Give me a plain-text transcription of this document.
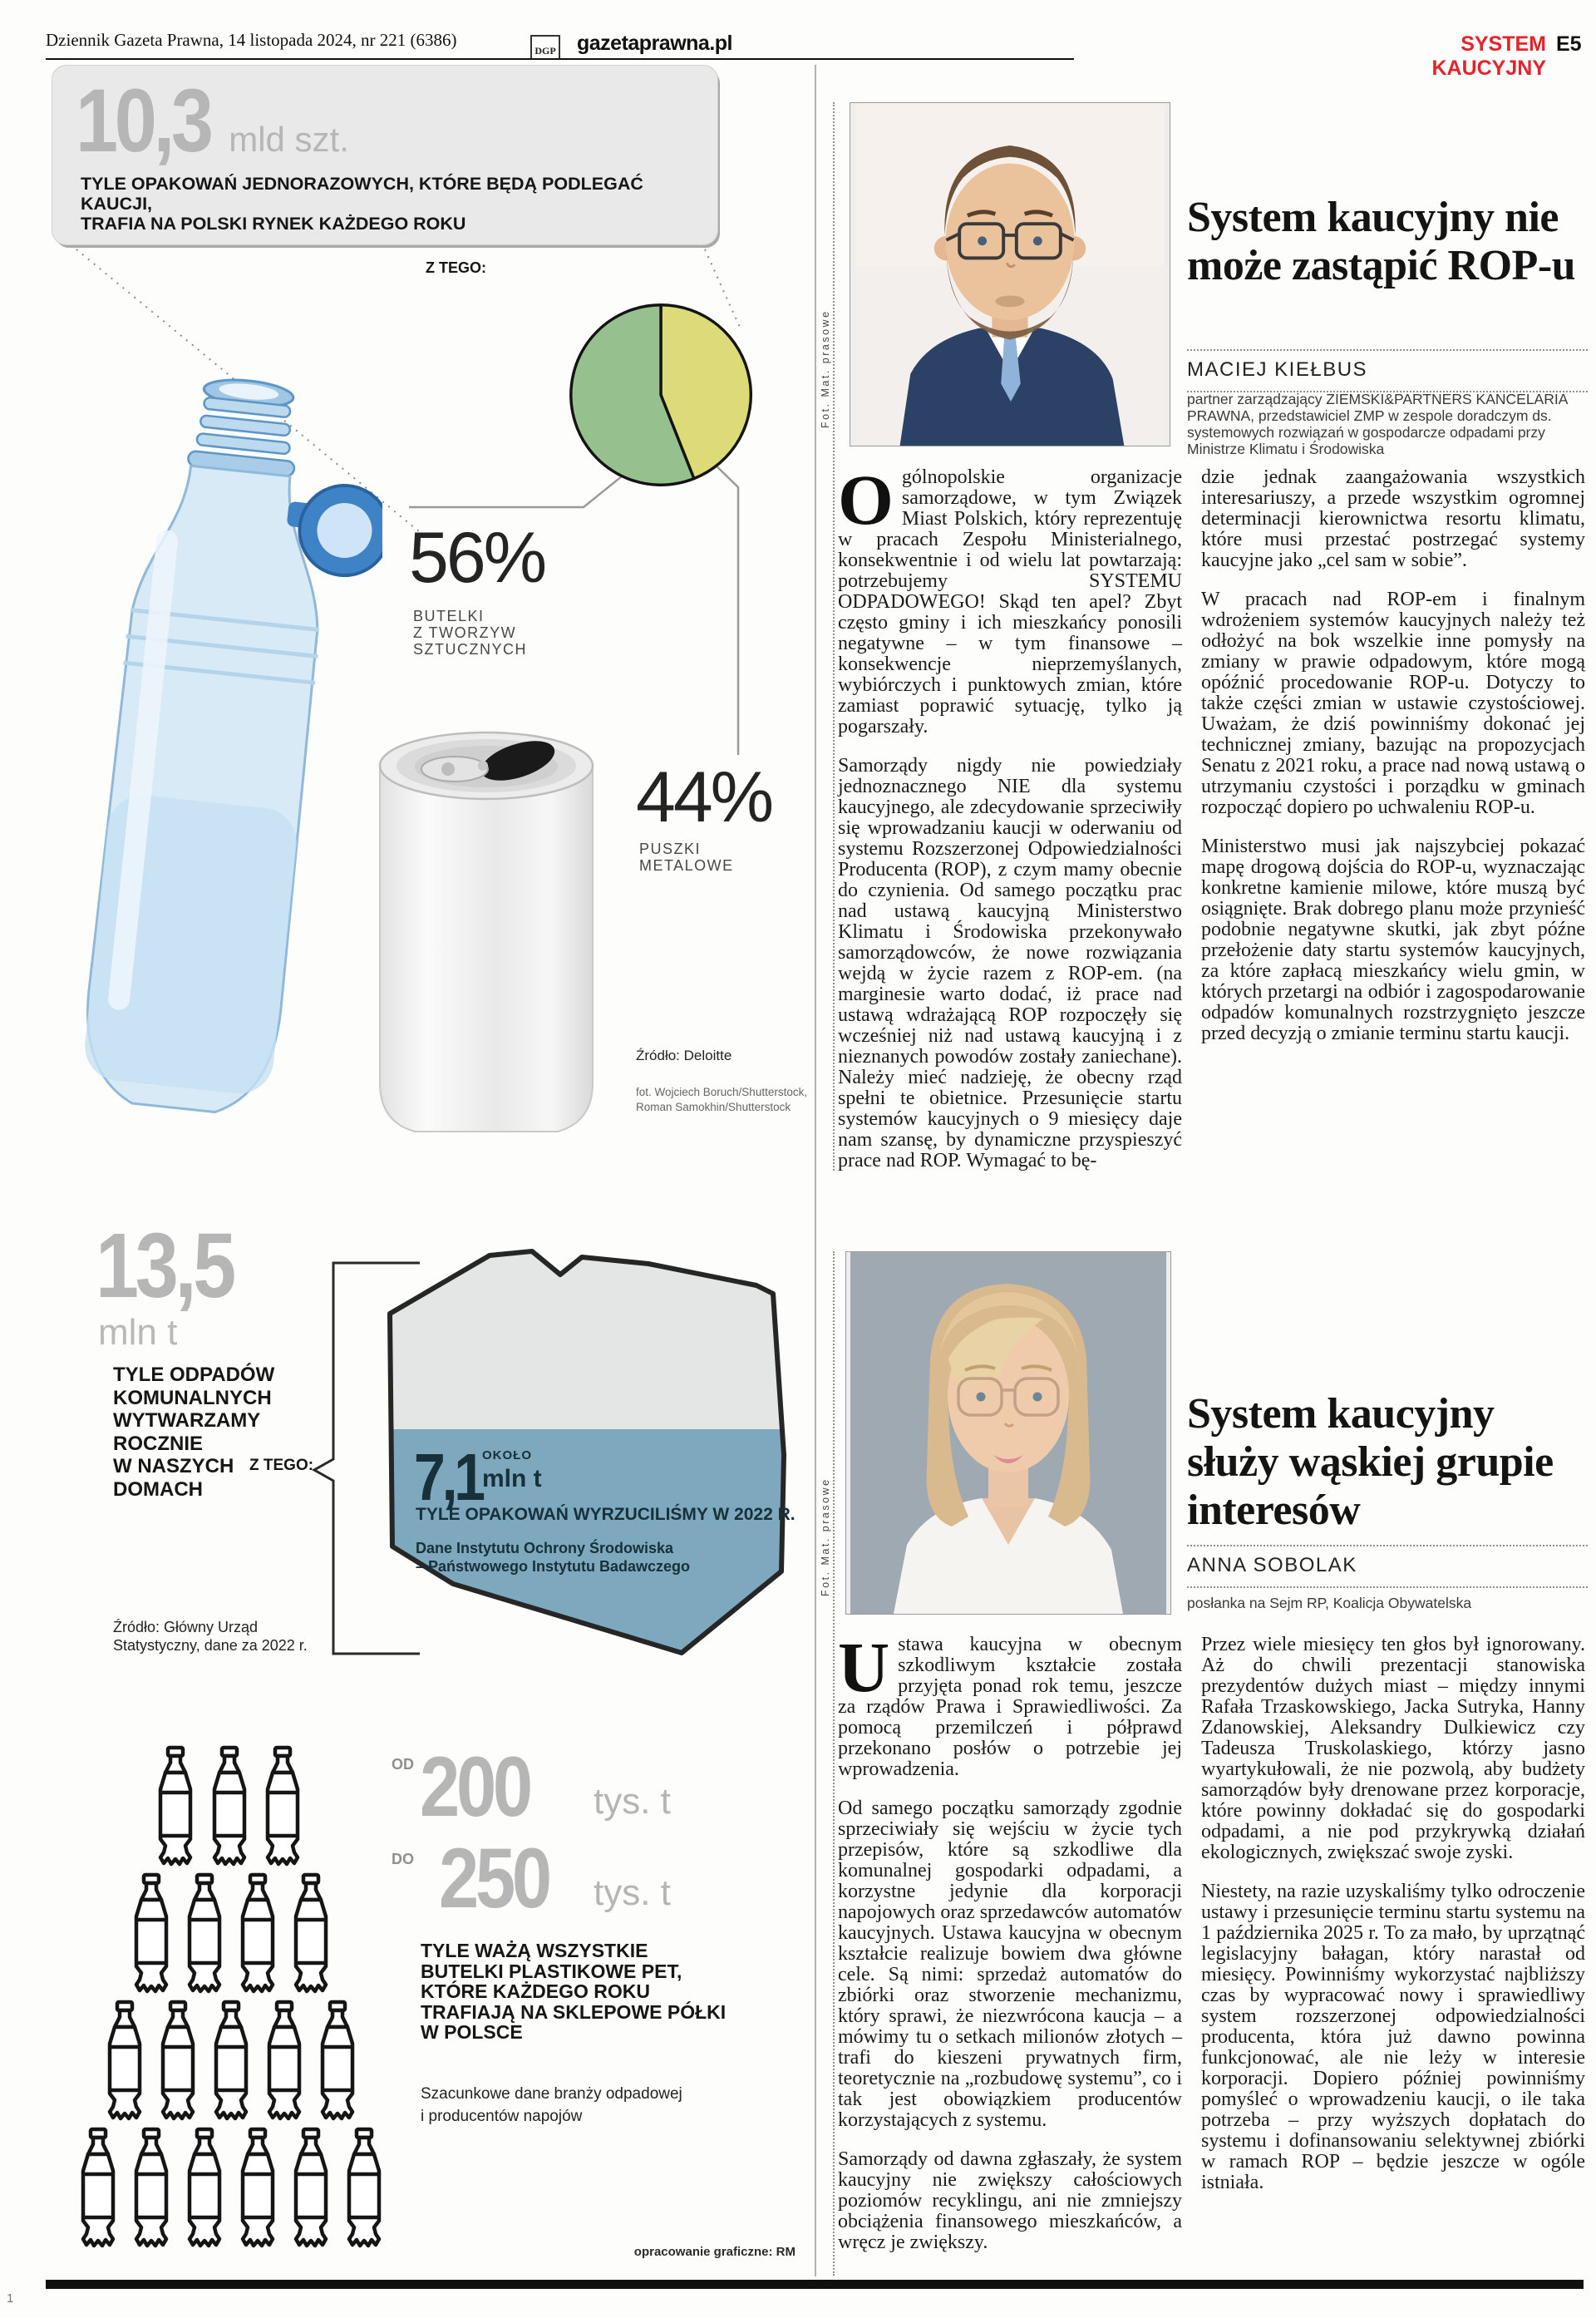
Dziennik Gazeta Prawna, 14 listopada 2024, nr 221 (6386)
DGP gazetaprawna.pl	SYSTEM KAUCYJNY
E5
10,3 mld szt.
TYLE OPAKOWAŃ JEDNORAZOWYCH, KTÓRE BĘDĄ PODLEGAĆ KAUCJI,
TRAFIA NA POLSKI RYNEK KAŻDEGO ROKU
Z TEGO:
56%
BUTELKI
Z TWORZYW
SZTUCZNYCH
44%
PUSZKI
METALOWE
Źródło: Deloitte
fot. Wojciech Boruch/Shutterstock,
Roman Samokhin/Shutterstock
Fot. Mat. prasowe
System kaucyjny nie może zastąpić ROP-u
MACIEJ KIEŁBUS
partner zarządzający ZIEMSKI&PARTNERS KANCELARIA PRAWNA, przedstawiciel ZMP w zespole doradczym ds. systemowych rozwiązań w gospodarcze odpadami przy Ministrze Klimatu i Środowiska

Ogólnopolskie organizacje samorządowe, w tym Związek Miast Polskich, który reprezentuję w pracach Zespołu Ministerialnego, konsekwentnie i od wielu lat powtarzają: potrzebujemy SYSTEMU ODPADOWEGO! Skąd ten apel? Zbyt często gminy i ich mieszkańcy ponosili negatywne – w tym finansowe – konsekwencje nieprzemyślanych, wybiórczych i punktowych zmian, które zamiast poprawić sytuację, tylko ją pogarszały.

Samorządy nigdy nie powiedziały jednoznacznego NIE dla systemu kaucyjnego, ale zdecydowanie sprzeciwiły się wprowadzaniu kaucji w oderwaniu od systemu Rozszerzonej Odpowiedzialności Producenta (ROP), z czym mamy obecnie do czynienia. Od samego początku prac nad ustawą kaucyjną Ministerstwo Klimatu i Środowiska przekonywało samorządowców, że nowe rozwiązania wejdą w życie razem z ROP-em. (na marginesie warto dodać, iż prace nad ustawą wdrażającą ROP rozpoczęły się wcześniej niż nad ustawą kaucyjną i z nieznanych powodów zostały zaniechane). Należy mieć nadzieję, że obecny rząd spełni te obietnice. Przesunięcie startu systemów kaucyjnych o 9 miesięcy daje nam szansę, by dynamiczne przyspieszyć prace nad ROP. Wymagać to bę-

dzie jednak zaangażowania wszystkich interesariuszy, a przede wszystkim ogromnej determinacji kierownictwa resortu klimatu, które musi przestać postrzegać systemy kaucyjne jako „cel sam w sobie”.

W pracach nad ROP-em i finalnym wdrożeniem systemów kaucyjnych należy też odłożyć na bok wszelkie inne pomysły na zmiany w prawie odpadowym, które mogą opóźnić procedowanie ROP-u. Dotyczy to także części zmian w ustawie czystościowej. Uważam, że dziś powinniśmy dokonać jej technicznej zmiany, bazując na propozycjach Senatu z 2021 roku, a prace nad nową ustawą o utrzymaniu czystości i porządku w gminach rozpocząć dopiero po uchwaleniu ROP-u.

Ministerstwo musi jak najszybciej pokazać mapę drogową dojścia do ROP-u, wyznaczając konkretne kamienie milowe, które muszą być osiągnięte. Brak dobrego planu może przynieść podobnie negatywne skutki, jak zbyt późne przełożenie daty startu systemów kaucyjnych, za które zapłacą mieszkańcy wielu gmin, w których przetargi na odbiór i zagospodarowanie odpadów komunalnych rozstrzygnięto jeszcze przed decyzją o zmianie terminu startu kaucji.

13,5
mln t
TYLE ODPADÓW
KOMUNALNYCH
WYTWARZAMY
ROCZNIE
W NASZYCH
DOMACH
Z TEGO: 7,1 OKOŁO
mln t
TYLE OPAKOWAŃ WYRZUCILIŚMY W 2022 R.
Dane Instytutu Ochrony Środowiska
– Państwowego Instytutu Badawczego
Źródło: Główny Urząd
Statystyczny, dane za 2022 r.
Fot. Mat. prasowe
System kaucyjny służy wąskiej grupie interesów
ANNA SOBOLAK
posłanka na Sejm RP, Koalicja Obywatelska

Ustawa kaucyjna w obecnym szkodliwym kształcie została przyjęta ponad rok temu, jeszcze za rządów Prawa i Sprawiedliwości. Za pomocą przemilczeń i półprawd przekonano posłów o potrzebie jej wprowadzenia.

Od samego początku samorządy zgodnie sprzeciwiały się wejściu w życie tych przepisów, które są szkodliwe dla komunalnej gospodarki odpadami, a korzystne jedynie dla korporacji napojowych oraz sprzedawców automatów kaucyjnych. Ustawa kaucyjna w obecnym kształcie realizuje bowiem dwa główne cele. Są nimi: sprzedaż automatów do zbiórki oraz stworzenie mechanizmu, który sprawi, że niezwrócona kaucja – a mówimy tu o setkach milionów złotych – trafi do kieszeni prywatnych firm, teoretycznie na „rozbudowę systemu”, co i tak jest obowiązkiem producentów korzystających z systemu.

Samorządy od dawna zgłaszały, że system kaucyjny nie zwiększy całościowych poziomów recyklingu, ani nie zmniejszy obciążenia finansowego mieszkańców, a wręcz je zwiększy.

Przez wiele miesięcy ten głos był ignorowany. Aż do chwili prezentacji stanowiska prezydentów dużych miast – między innymi Rafała Trzaskowskiego, Jacka Sutryka, Hanny Zdanowskiej, Aleksandry Dulkiewicz czy Tadeusza Truskolaskiego, którzy jasno wyartykułowali, że nie pozwolą, aby budżety samorządów były drenowane przez korporacje, które powinny dokładać się do gospodarki odpadami, a nie pod przykrywką działań ekologicznych, zwiększać swoje zyski.

Niestety, na razie uzyskaliśmy tylko odroczenie ustawy i przesunięcie terminu startu systemu na 1 października 2025 r. To za mało, by uprzątnąć legislacyjny bałagan, który narastał od miesięcy. Powinniśmy wykorzystać najbliższy czas by wypracować nowy i sprawiedliwy system rozszerzonej odpowiedzialności producenta, która już dawno powinna funkcjonować, ale nie leży w interesie korporacji. Dopiero później powinniśmy pomyśleć o wprowadzeniu kaucji, o ile taka potrzeba – przy wyższych dopłatach do systemu i dofinansowaniu selektywnej zbiórki w ramach ROP – będzie jeszcze w ogóle istniała.

OD 200 tys. t
DO 250 tys. t
TYLE WAŻĄ WSZYSTKIE
BUTELKI PLASTIKOWE PET,
KTÓRE KAŻDEGO ROKU
TRAFIAJĄ NA SKLEPOWE PÓŁKI
W POLSCE
Szacunkowe dane branży odpadowej
i producentów napojów
opracowanie graficzne: RM
1
